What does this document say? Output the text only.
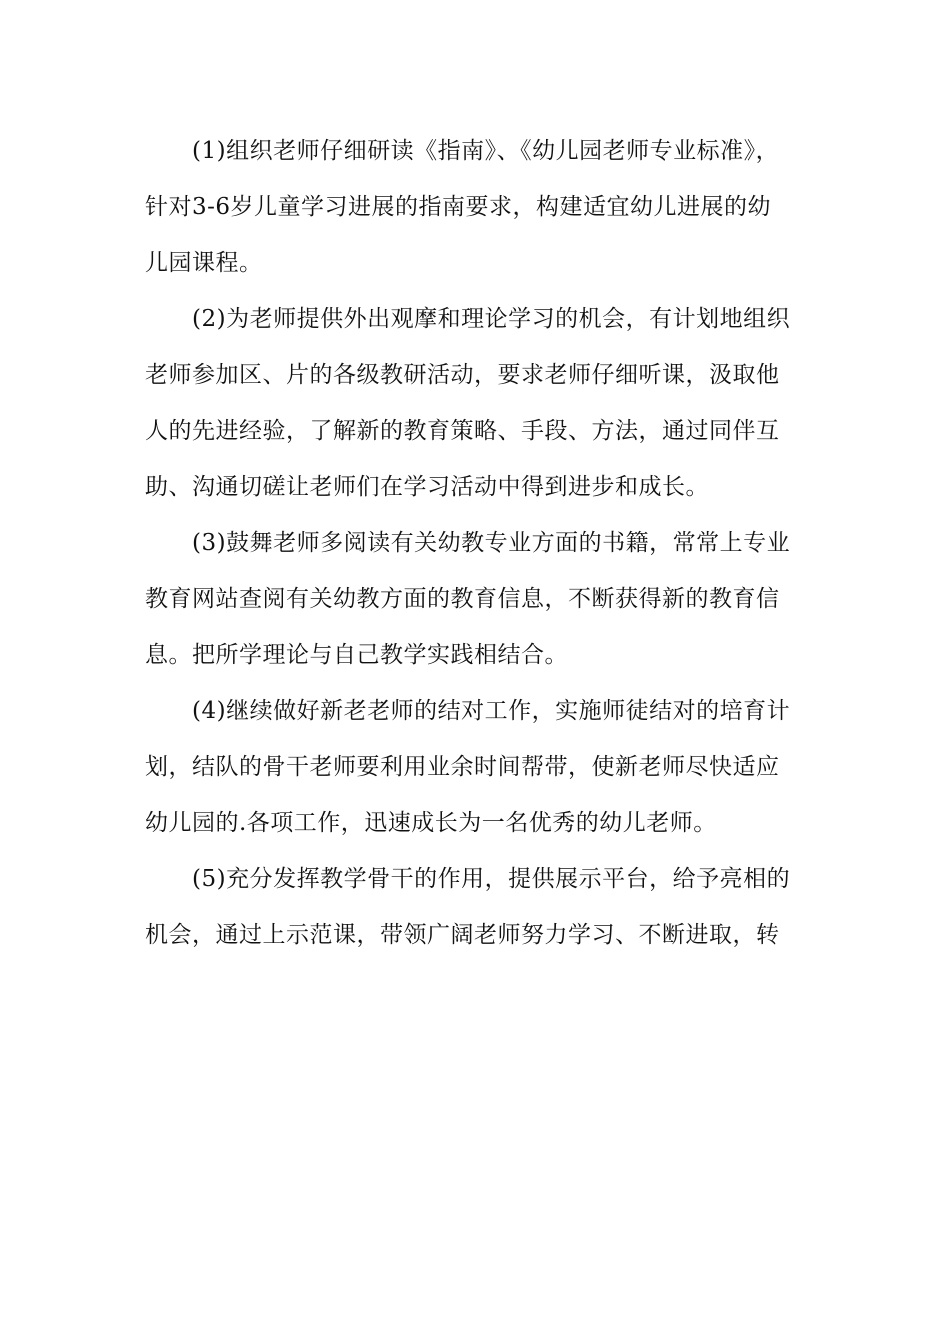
(1)组织老师仔细研读《指南》、《幼儿园老师专业标准》，
针对3-6岁儿童学习进展的指南要求，构建适宜幼儿进展的幼
儿园课程。
(2)为老师提供外出观摩和理论学习的机会，有计划地组织
老师参加区、片的各级教研活动，要求老师仔细听课，汲取他
人的先进经验，了解新的教育策略、手段、方法，通过同伴互
助、沟通切磋让老师们在学习活动中得到进步和成长。
(3)鼓舞老师多阅读有关幼教专业方面的书籍，常常上专业
教育网站查阅有关幼教方面的教育信息，不断获得新的教育信
息。把所学理论与自己教学实践相结合。
(4)继续做好新老老师的结对工作，实施师徒结对的培育计
划，结队的骨干老师要利用业余时间帮带，使新老师尽快适应
幼儿园的.各项工作，迅速成长为一名优秀的幼儿老师。
(5)充分发挥教学骨干的作用，提供展示平台，给予亮相的
机会，通过上示范课，带领广阔老师努力学习、不断进取，转
